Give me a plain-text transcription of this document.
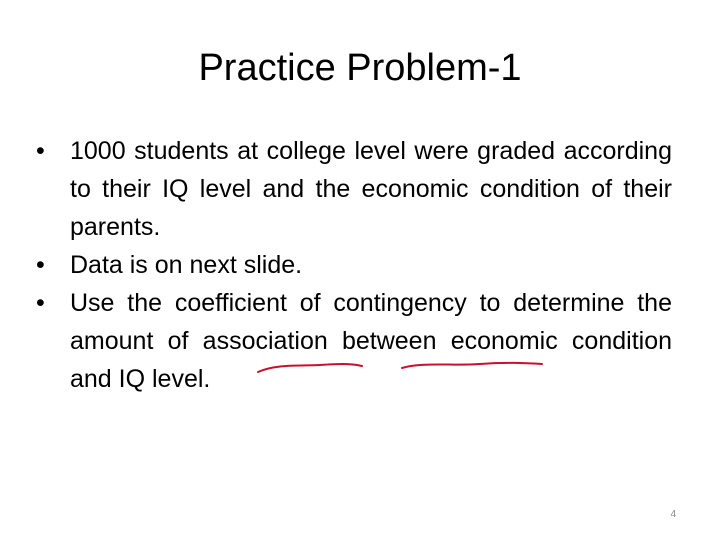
Practice Problem-1
•	1000 students at college level were graded according to their IQ level and the economic condition of their parents.
•	Data is on next slide.
•	Use the coefficient of contingency to determine the amount of association between economic condition and IQ level.
4
